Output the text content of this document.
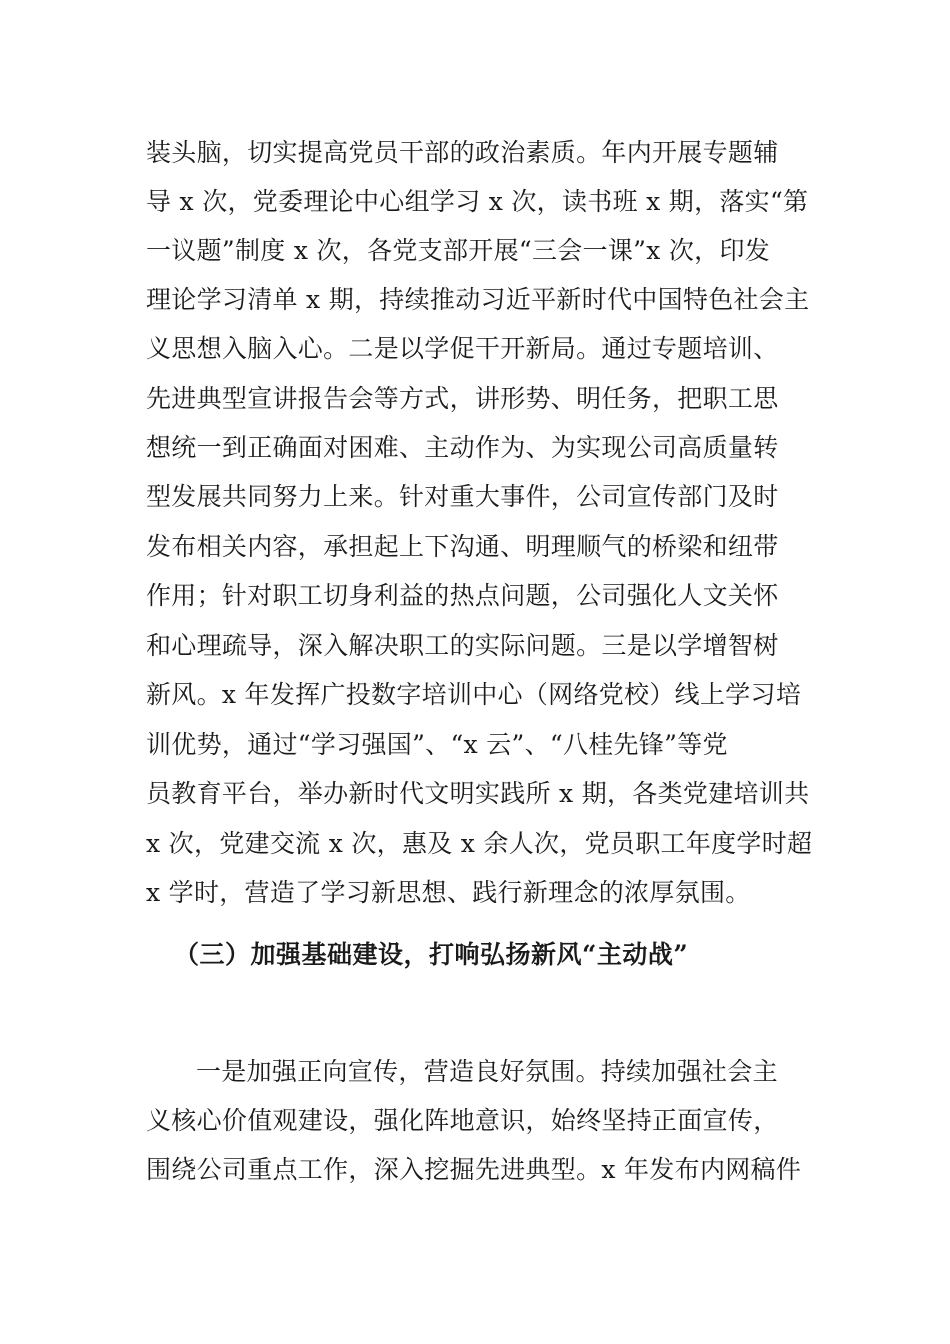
装头脑，切实提高党员干部的政治素质。年内开展专题辅
导 x 次，党委理论中心组学习 x 次，读书班 x 期，落实“第
一议题”制度 x 次，各党支部开展“三会一课”x 次，印发
理论学习清单 x 期，持续推动习近平新时代中国特色社会主
义思想入脑入心。二是以学促干开新局。通过专题培训、
先进典型宣讲报告会等方式，讲形势、明任务，把职工思
想统一到正确面对困难、主动作为、为实现公司高质量转
型发展共同努力上来。针对重大事件，公司宣传部门及时
发布相关内容，承担起上下沟通、明理顺气的桥梁和纽带
作用；针对职工切身利益的热点问题，公司强化人文关怀
和心理疏导，深入解决职工的实际问题。三是以学增智树
新风。x 年发挥广投数字培训中心（网络党校）线上学习培
训优势，通过“学习强国”、“x 云”、“八桂先锋”等党
员教育平台，举办新时代文明实践所 x 期，各类党建培训共
x 次，党建交流 x 次，惠及 x 余人次，党员职工年度学时超
x 学时，营造了学习新思想、践行新理念的浓厚氛围。
（三）加强基础建设，打响弘扬新风“主动战”
一是加强正向宣传，营造良好氛围。持续加强社会主
义核心价值观建设，强化阵地意识，始终坚持正面宣传，
围绕公司重点工作，深入挖掘先进典型。x 年发布内网稿件
